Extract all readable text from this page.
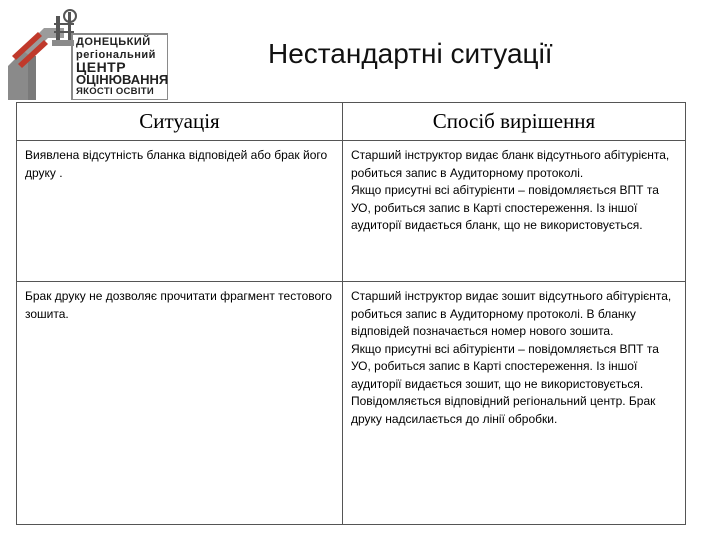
ДОНЕЦЬКИЙ
регіональний
ЦЕНТР
ОЦІНЮВАННЯ
ЯКОСТІ ОСВІТИ
Нестандартні ситуації
Ситуація	Спосіб вирішення
Виявлена відсутність бланка відповідей або брак його друку .	Старший інструктор видає бланк відсутнього абітурієнта, робиться запис в Аудиторному протоколі.

Якщо присутні всі абітурієнти – повідомляється ВПТ та УО, робиться запис в Карті спостереження. Із іншої аудиторії видається бланк, що не використовується.

Брак друку не дозволяє прочитати фрагмент тестового зошита.	Старший інструктор видає зошит відсутнього абітурієнта, робиться запис в Аудиторному протоколі. В бланку відповідей позначається номер нового зошита.

Якщо присутні всі абітурієнти – повідомляється ВПТ та УО, робиться запис в Карті спостереження. Із іншої аудиторії видається зошит, що не використовується. Повідомляється відповідний регіональний центр. Брак друку надсилається до лінії обробки.
